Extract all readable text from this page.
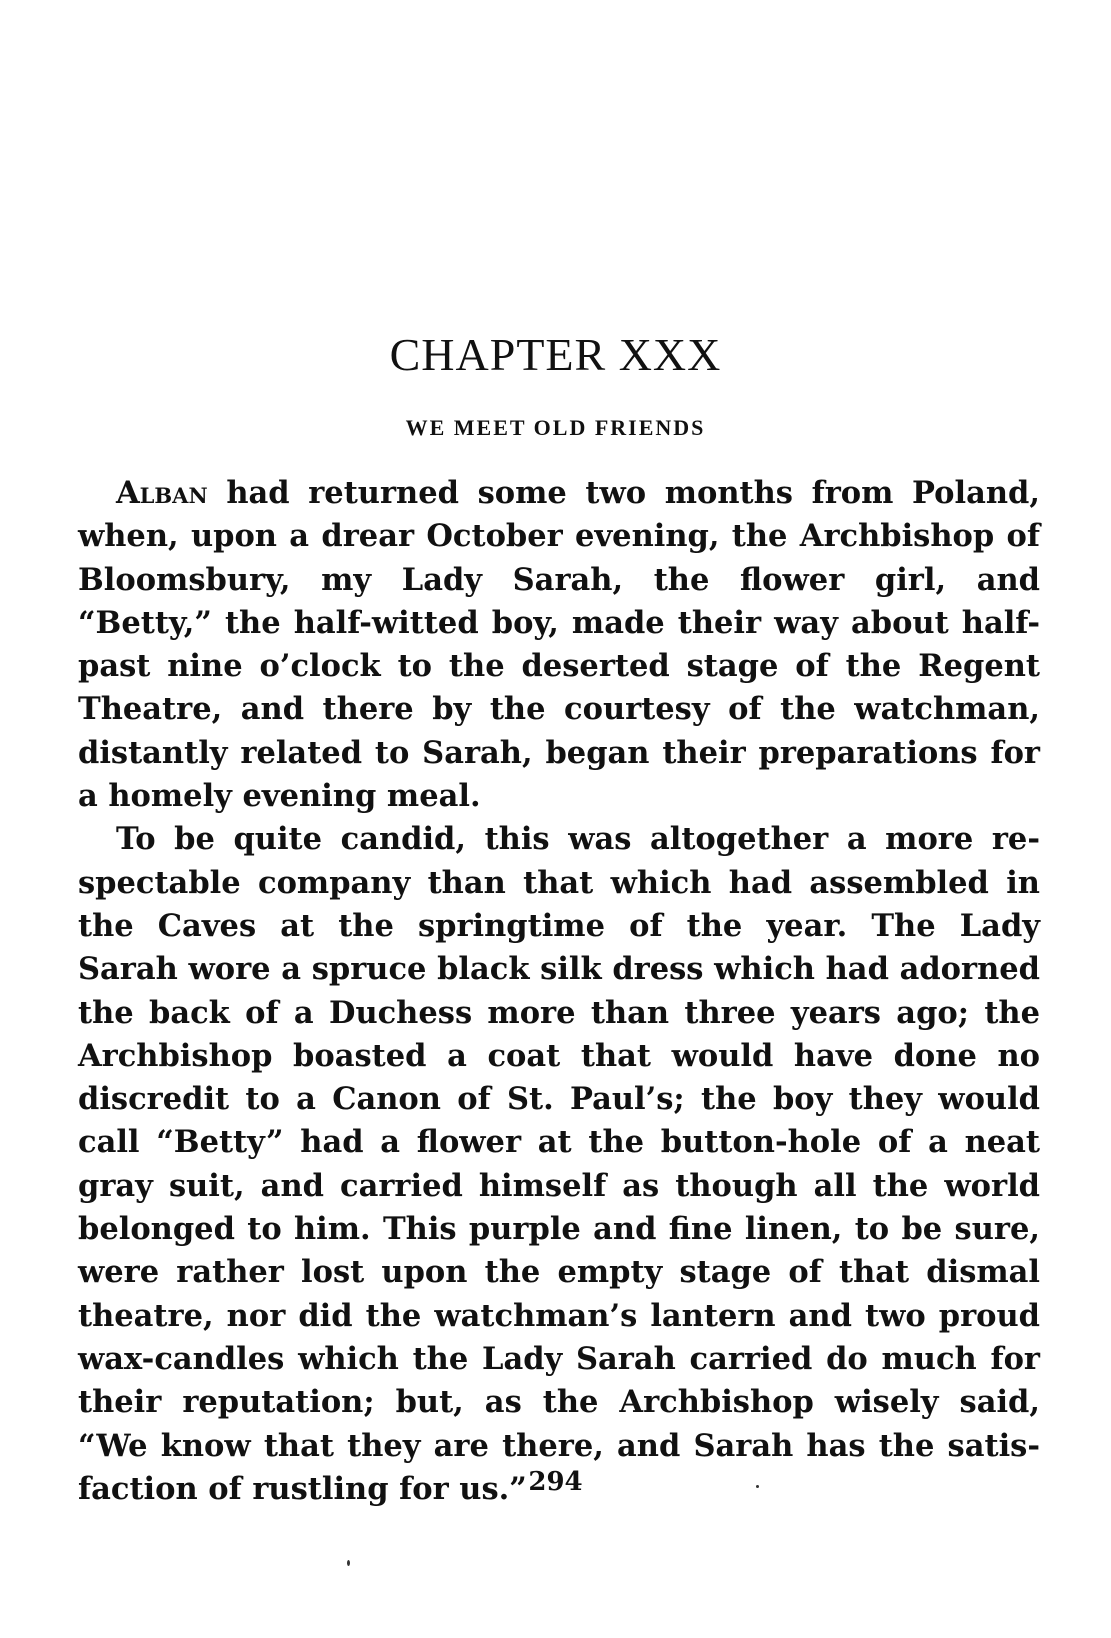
CHAPTER XXX
WE MEET OLD FRIENDS
Alban had returned some two months from Poland,
when, upon a drear October evening, the Archbishop of
Bloomsbury, my Lady Sarah, the flower girl, and
“Betty,” the half-witted boy, made their way about half-
past nine o’clock to the deserted stage of the Regent
Theatre, and there by the courtesy of the watchman,
distantly related to Sarah, began their preparations for
a homely evening meal.
To be quite candid, this was altogether a more re-
spectable company than that which had assembled in
the Caves at the springtime of the year. The Lady
Sarah wore a spruce black silk dress which had adorned
the back of a Duchess more than three years ago; the
Archbishop boasted a coat that would have done no
discredit to a Canon of St. Paul’s; the boy they would
call “Betty” had a flower at the button-hole of a neat
gray suit, and carried himself as though all the world
belonged to him. This purple and fine linen, to be sure,
were rather lost upon the empty stage of that dismal
theatre, nor did the watchman’s lantern and two proud
wax-candles which the Lady Sarah carried do much for
their reputation; but, as the Archbishop wisely said,
“We know that they are there, and Sarah has the satis-
faction of rustling for us.” 294
